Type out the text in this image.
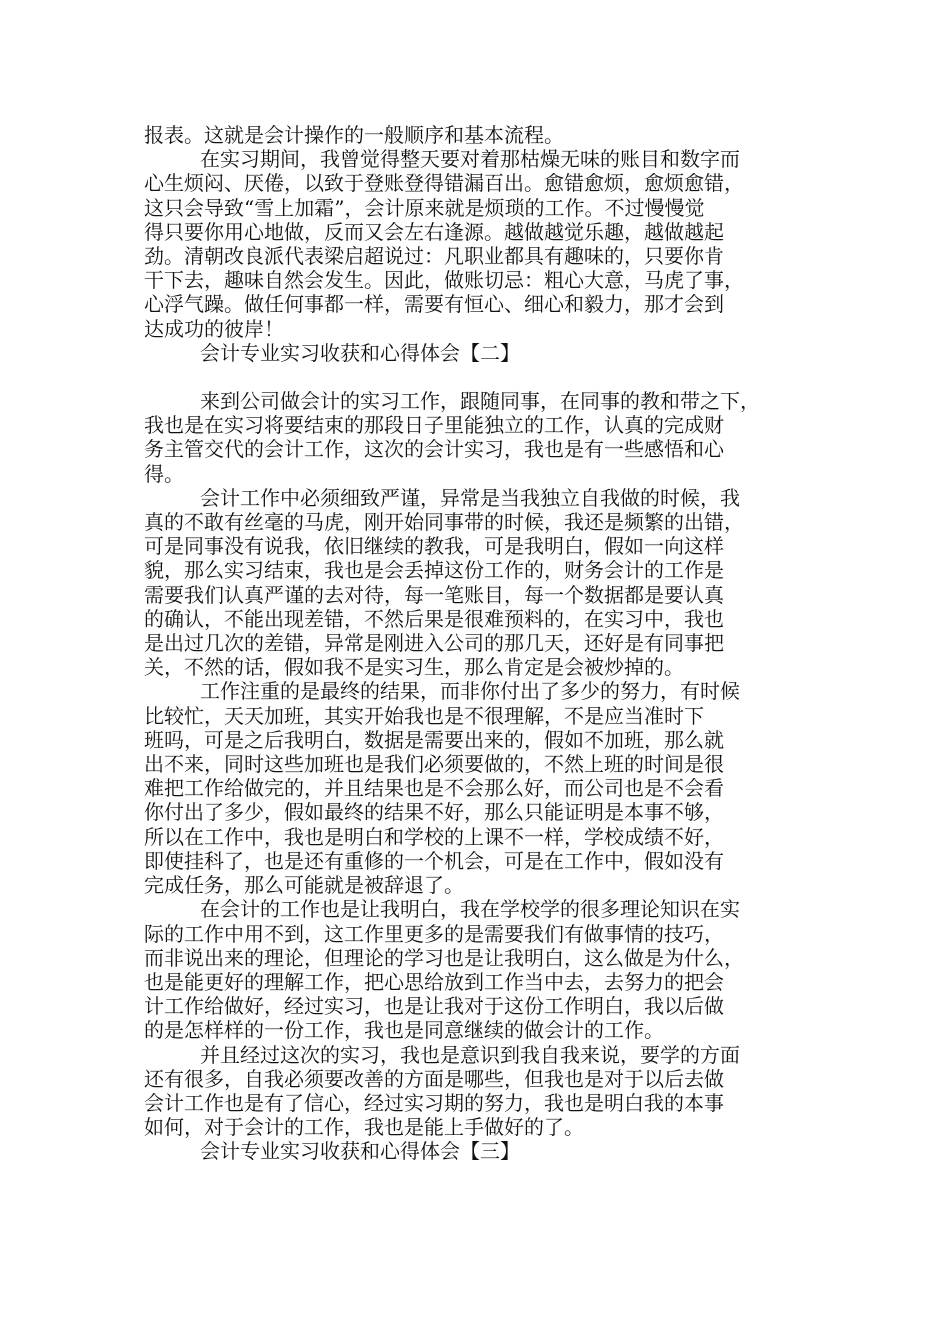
报表。这就是会计操作的一般顺序和基本流程。

在实习期间，我曾觉得整天要对着那枯燥无味的账目和数字而

心生烦闷、厌倦，以致于登账登得错漏百出。愈错愈烦，愈烦愈错，

这只会导致“雪上加霜”，会计原来就是烦琐的工作。不过慢慢觉

得只要你用心地做，反而又会左右逢源。越做越觉乐趣，越做越起

劲。清朝改良派代表梁启超说过：凡职业都具有趣味的，只要你肯

干下去，趣味自然会发生。因此，做账切忌：粗心大意，马虎了事，

心浮气躁。做任何事都一样，需要有恒心、细心和毅力，那才会到

达成功的彼岸！

会计专业实习收获和心得体会【二】

来到公司做会计的实习工作，跟随同事，在同事的教和带之下，

我也是在实习将要结束的那段日子里能独立的工作，认真的完成财

务主管交代的会计工作，这次的会计实习，我也是有一些感悟和心

得。

会计工作中必须细致严谨，异常是当我独立自我做的时候，我

真的不敢有丝毫的马虎，刚开始同事带的时候，我还是频繁的出错，

可是同事没有说我，依旧继续的教我，可是我明白，假如一向这样

貌，那么实习结束，我也是会丢掉这份工作的，财务会计的工作是

需要我们认真严谨的去对待，每一笔账目，每一个数据都是要认真

的确认，不能出现差错，不然后果是很难预料的，在实习中，我也

是出过几次的差错，异常是刚进入公司的那几天，还好是有同事把

关，不然的话，假如我不是实习生，那么肯定是会被炒掉的。

工作注重的是最终的结果，而非你付出了多少的努力，有时候

比较忙，天天加班，其实开始我也是不很理解，不是应当准时下

班吗，可是之后我明白，数据是需要出来的，假如不加班，那么就

出不来，同时这些加班也是我们必须要做的，不然上班的时间是很

难把工作给做完的，并且结果也是不会那么好，而公司也是不会看

你付出了多少，假如最终的结果不好，那么只能证明是本事不够，

所以在工作中，我也是明白和学校的上课不一样，学校成绩不好，

即使挂科了，也是还有重修的一个机会，可是在工作中，假如没有

完成任务，那么可能就是被辞退了。

在会计的工作也是让我明白，我在学校学的很多理论知识在实

际的工作中用不到，这工作里更多的是需要我们有做事情的技巧，

而非说出来的理论，但理论的学习也是让我明白，这么做是为什么，

也是能更好的理解工作，把心思给放到工作当中去，去努力的把会

计工作给做好，经过实习，也是让我对于这份工作明白，我以后做

的是怎样样的一份工作，我也是同意继续的做会计的工作。

并且经过这次的实习，我也是意识到我自我来说，要学的方面

还有很多，自我必须要改善的方面是哪些，但我也是对于以后去做

会计工作也是有了信心，经过实习期的努力，我也是明白我的本事

如何，对于会计的工作，我也是能上手做好的了。

会计专业实习收获和心得体会【三】
